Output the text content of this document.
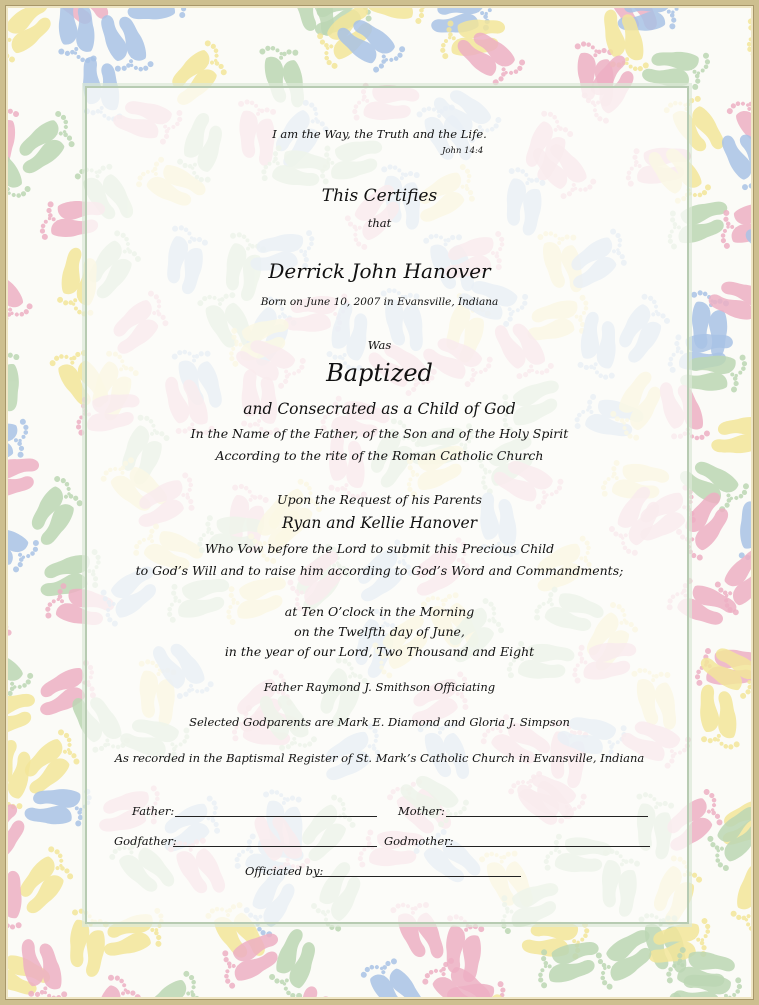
I am the Way, the Truth and the Life.
John 14:4
This Certifies
that
Derrick John Hanover
Born on June 10, 2007 in Evansville, Indiana
Was
Baptized
and Consecrated as a Child of God
In the Name of the Father, of the Son and of the Holy Spirit
According to the rite of the Roman Catholic Church
Upon the Request of his Parents
Ryan and Kellie Hanover
Who Vow before the Lord to submit this Precious Child
to God’s Will and to raise him according to God’s Word and Commandments;
at Ten O’clock in the Morning
on the Twelfth day of June,
in the year of our Lord, Two Thousand and Eight
Father Raymond J. Smithson Officiating
Selected Godparents are Mark E. Diamond and Gloria J. Simpson
As recorded in the Baptismal Register of St. Mark’s Catholic Church in Evansville, Indiana
Father:	Mother:
Godfather:	Godmother:
Officiated by:
